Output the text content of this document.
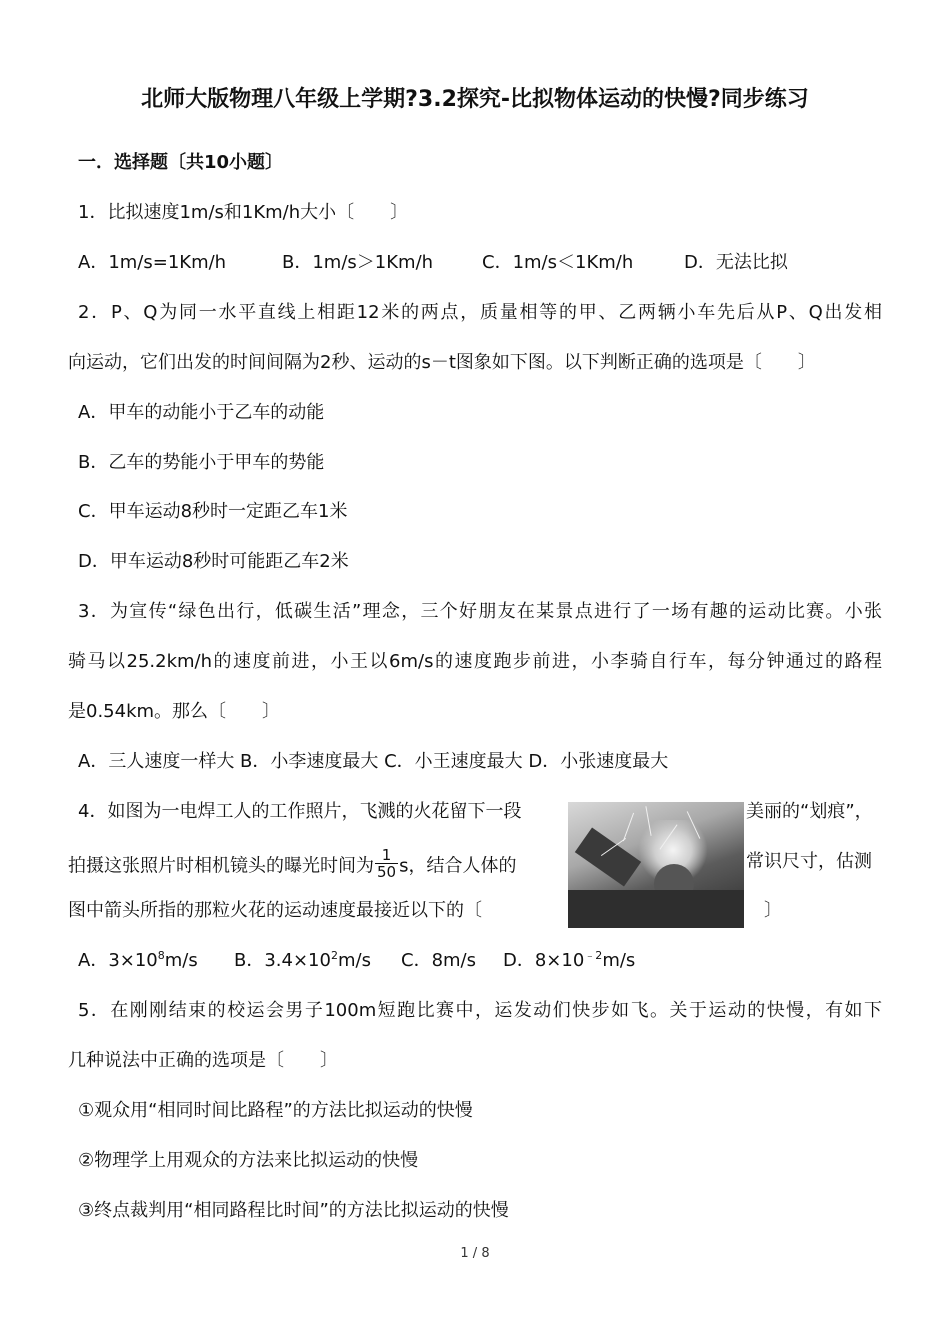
北师大版物理八年级上学期?3.2探究-比拟物体运动的快慢?同步练习
一．选择题〔共10小题〕
1．比拟速度1m/s和1Km/h大小〔　　〕
A．1m/s=1Km/h	B．1m/s＞1Km/h	C．1m/s＜1Km/h	D．无法比拟
2．P、Q为同一水平直线上相距12米的两点，质量相等的甲、乙两辆小车先后从P、Q出发相
向运动，它们出发的时间间隔为2秒、运动的s－t图象如下图。以下判断正确的选项是〔　　〕
A．甲车的动能小于乙车的动能
B．乙车的势能小于甲车的势能
C．甲车运动8秒时一定距乙车1米
D．甲车运动8秒时可能距乙车2米
3．为宣传“绿色出行，低碳生活”理念，三个好朋友在某景点进行了一场有趣的运动比赛。小张
骑马以25.2km/h的速度前进，小王以6m/s的速度跑步前进，小李骑自行车，每分钟通过的路程
是0.54km。那么〔　　〕
A．三人速度一样大 B．小李速度最大 C．小王速度最大 D．小张速度最大
4．如图为一电焊工人的工作照片，飞溅的火花留下一段	美丽的“划痕”，
拍摄这张照片时相机镜头的曝光时间为 $\frac{1}{50}$ s，结合人体的	常识尺寸，估测
图中箭头所指的那粒火花的运动速度最接近以下的〔	〕
A．$3\times 10^8m/s$ B．$3.4\times 10^2m/s$ C．8m/s D．$8\times 10^{﹣2}m/s$
5．在刚刚结束的校运会男子100m短跑比赛中，运发动们快步如飞。关于运动的快慢，有如下
几种说法中正确的选项是〔　　〕
①观众用“相同时间比路程”的方法比拟运动的快慢
②物理学上用观众的方法来比拟运动的快慢
③终点裁判用“相同路程比时间”的方法比拟运动的快慢
1 / 8
